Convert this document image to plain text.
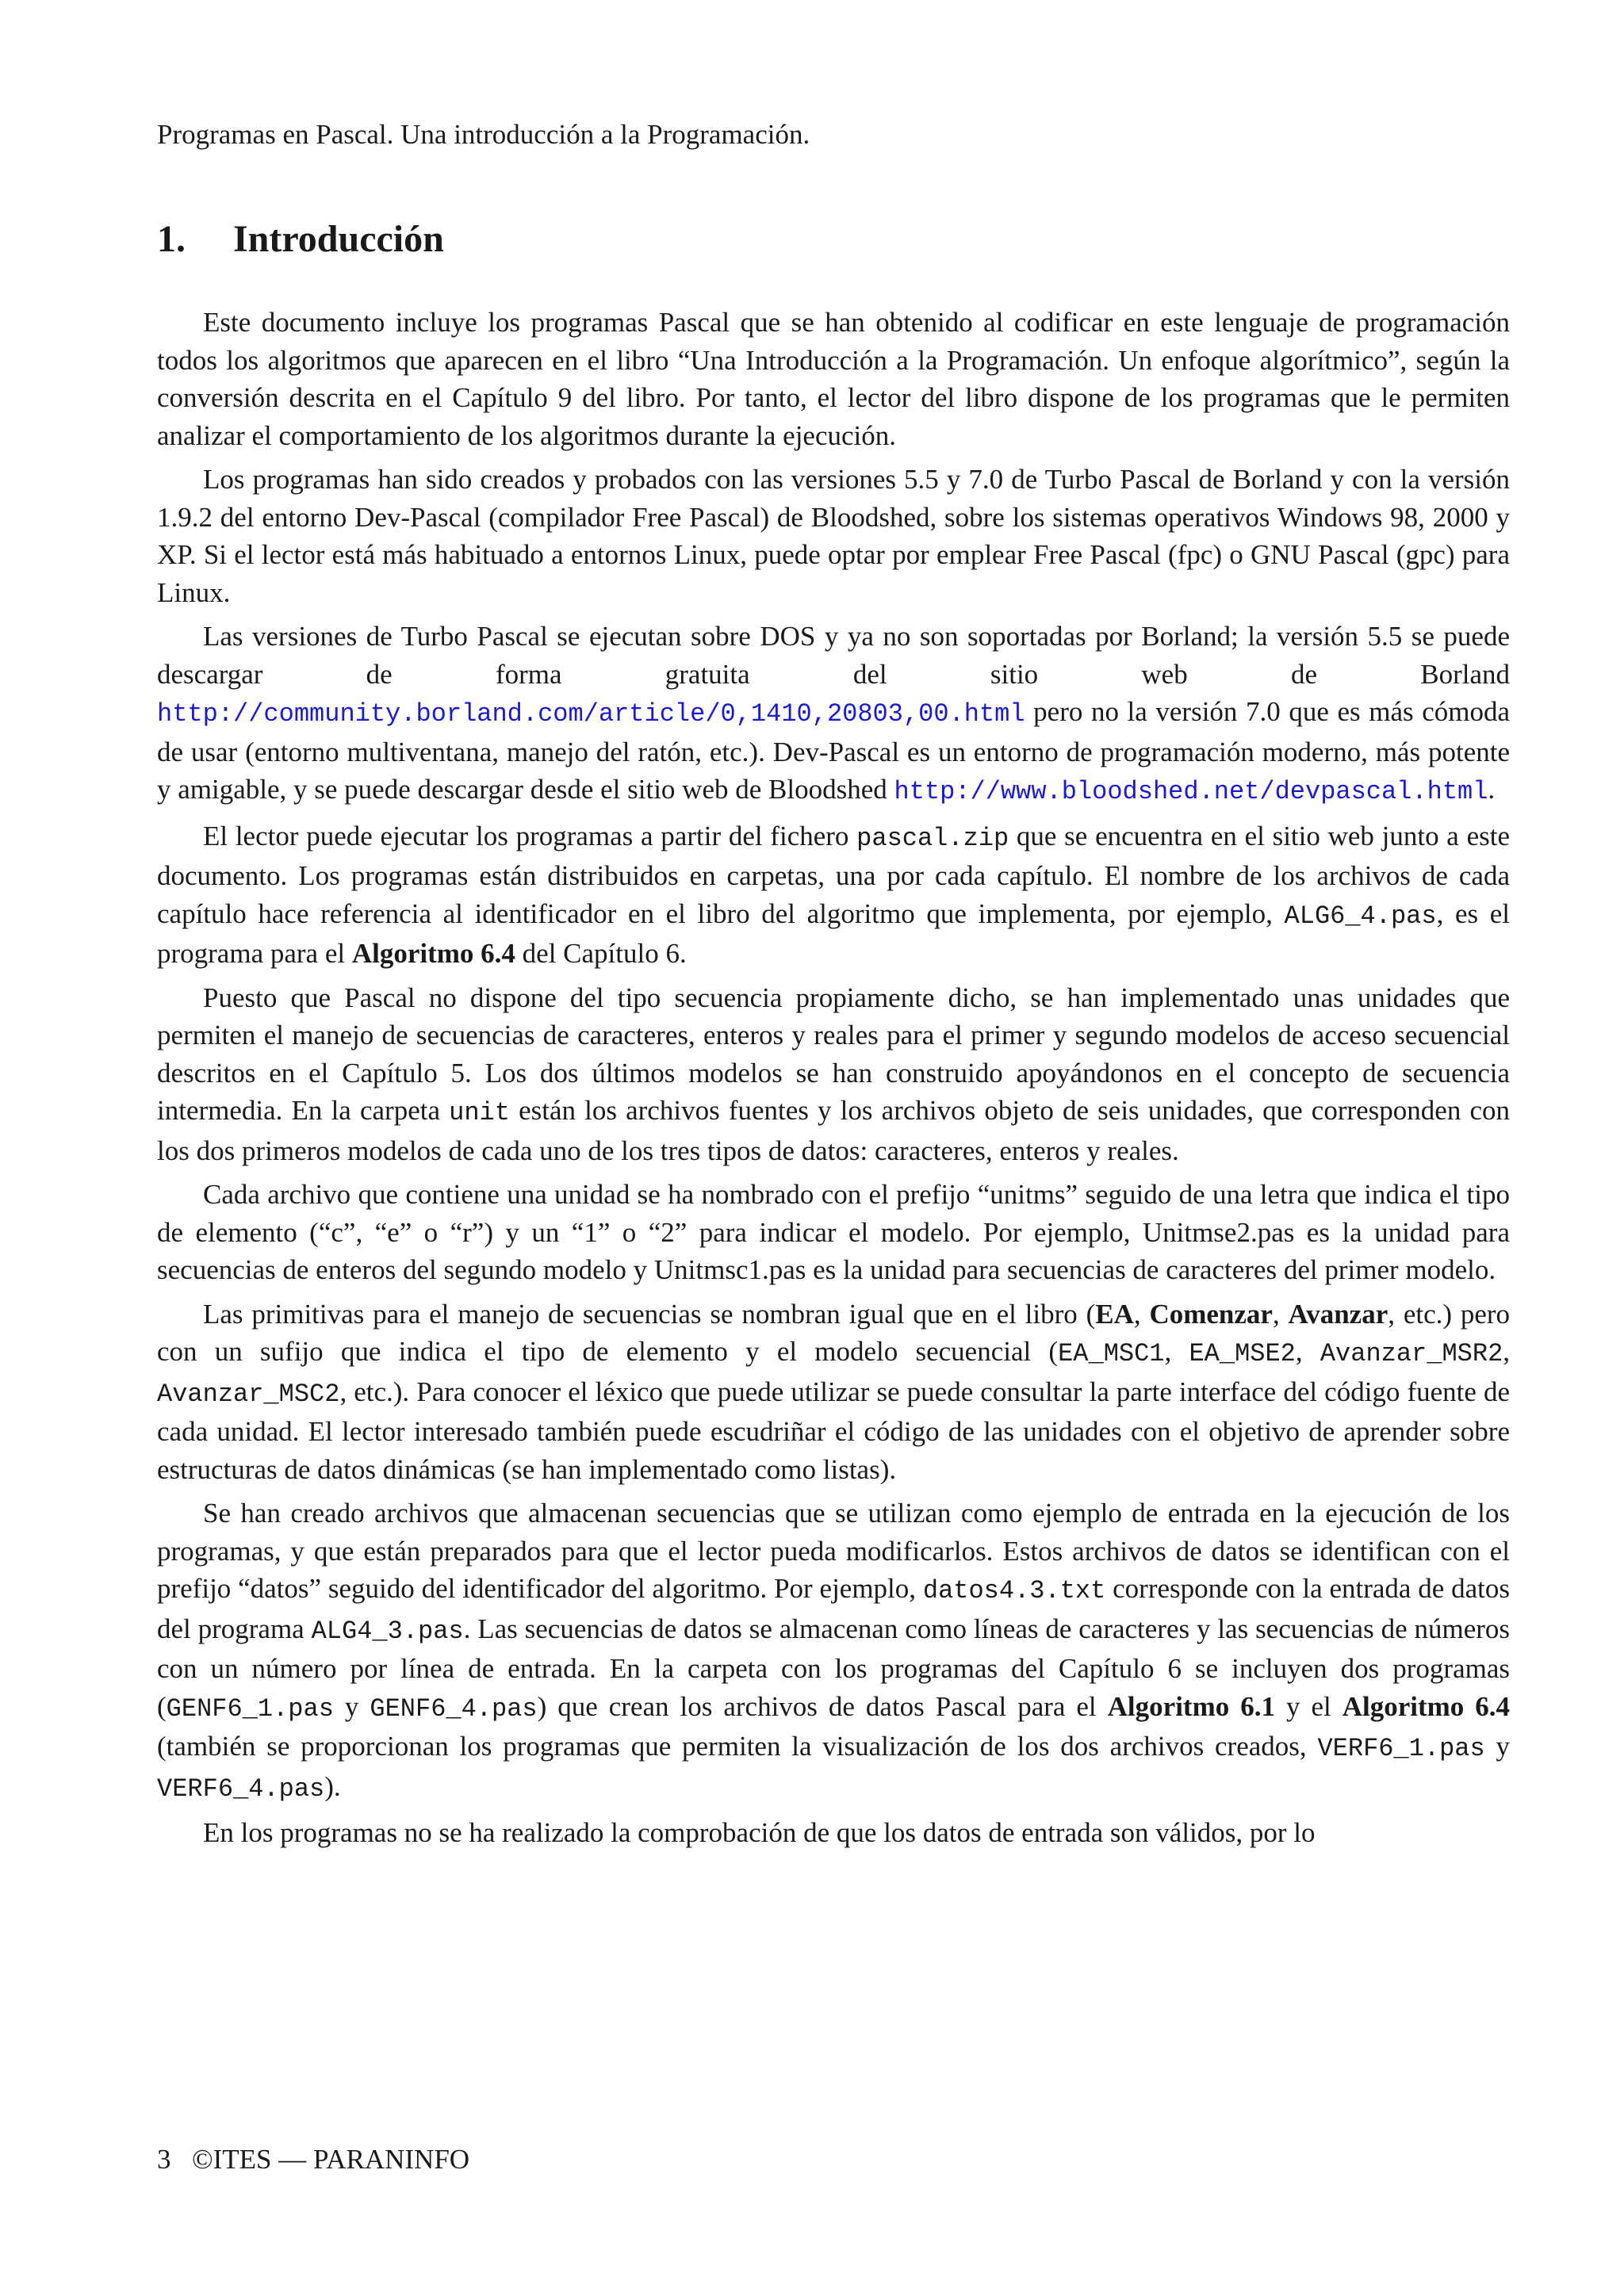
Programas en Pascal. Una introducción a la Programación.
1. Introducción

Este documento incluye los programas Pascal que se han obtenido al codificar en este lenguaje de programación todos los algoritmos que aparecen en el libro “Una Introducción a la Programación. Un enfoque algorítmico”, según la conversión descrita en el Capítulo 9 del libro. Por tanto, el lector del libro dispone de los programas que le permiten analizar el comportamiento de los algoritmos durante la ejecución.

Los programas han sido creados y probados con las versiones 5.5 y 7.0 de Turbo Pascal de Borland y con la versión 1.9.2 del entorno Dev-Pascal (compilador Free Pascal) de Bloodshed, sobre los sistemas operativos Windows 98, 2000 y XP. Si el lector está más habituado a entornos Linux, puede optar por emplear Free Pascal (fpc) o GNU Pascal (gpc) para Linux.

Las versiones de Turbo Pascal se ejecutan sobre DOS y ya no son soportadas por Borland; la versión 5.5 se puede descargar de forma gratuita del sitio web de Borland http://community.borland.com/article/0,1410,20803,00.html pero no la versión 7.0 que es más cómoda de usar (entorno multiventana, manejo del ratón, etc.). Dev-Pascal es un entorno de programación moderno, más potente y amigable, y se puede descargar desde el sitio web de Bloodshed http://www.bloodshed.net/devpascal.html.

El lector puede ejecutar los programas a partir del fichero pascal.zip que se encuentra en el sitio web junto a este documento. Los programas están distribuidos en carpetas, una por cada capítulo. El nombre de los archivos de cada capítulo hace referencia al identificador en el libro del algoritmo que implementa, por ejemplo, ALG6_4.pas, es el programa para el Algoritmo 6.4 del Capítulo 6.

Puesto que Pascal no dispone del tipo secuencia propiamente dicho, se han implementado unas unidades que permiten el manejo de secuencias de caracteres, enteros y reales para el primer y segundo modelos de acceso secuencial descritos en el Capítulo 5. Los dos últimos modelos se han construido apoyándonos en el concepto de secuencia intermedia. En la carpeta unit están los archivos fuentes y los archivos objeto de seis unidades, que corresponden con los dos primeros modelos de cada uno de los tres tipos de datos: caracteres, enteros y reales.

Cada archivo que contiene una unidad se ha nombrado con el prefijo “unitms” seguido de una letra que indica el tipo de elemento (“c”, “e” o “r”) y un “1” o “2” para indicar el modelo. Por ejemplo, Unitmse2.pas es la unidad para secuencias de enteros del segundo modelo y Unitmsc1.pas es la unidad para secuencias de caracteres del primer modelo.

Las primitivas para el manejo de secuencias se nombran igual que en el libro (EA, Comenzar, Avanzar, etc.) pero con un sufijo que indica el tipo de elemento y el modelo secuencial (EA_MSC1, EA_MSE2, Avanzar_MSR2, Avanzar_MSC2, etc.). Para conocer el léxico que puede utilizar se puede consultar la parte interface del código fuente de cada unidad. El lector interesado también puede escudriñar el código de las unidades con el objetivo de aprender sobre estructuras de datos dinámicas (se han implementado como listas).

Se han creado archivos que almacenan secuencias que se utilizan como ejemplo de entrada en la ejecución de los programas, y que están preparados para que el lector pueda modificarlos. Estos archivos de datos se identifican con el prefijo “datos” seguido del identificador del algoritmo. Por ejemplo, datos4.3.txt corresponde con la entrada de datos del programa ALG4_3.pas. Las secuencias de datos se almacenan como líneas de caracteres y las secuencias de números con un número por línea de entrada. En la carpeta con los programas del Capítulo 6 se incluyen dos programas (GENF6_1.pas y GENF6_4.pas) que crean los archivos de datos Pascal para el Algoritmo 6.1 y el Algoritmo 6.4 (también se proporcionan los programas que permiten la visualización de los dos archivos creados, VERF6_1.pas y VERF6_4.pas).

En los programas no se ha realizado la comprobación de que los datos de entrada son válidos, por lo

3 ©ITES — PARANINFO
